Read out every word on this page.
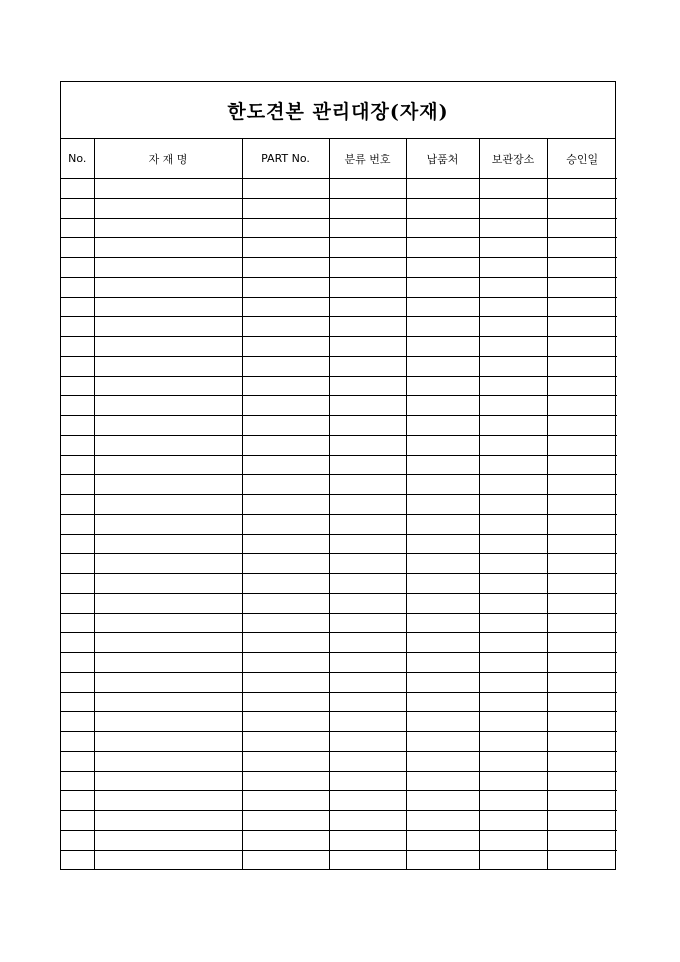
한도견본 관리대장(자재)
No.	자 재 명	PART No.	분류 번호	납품처	보관장소	승인일
